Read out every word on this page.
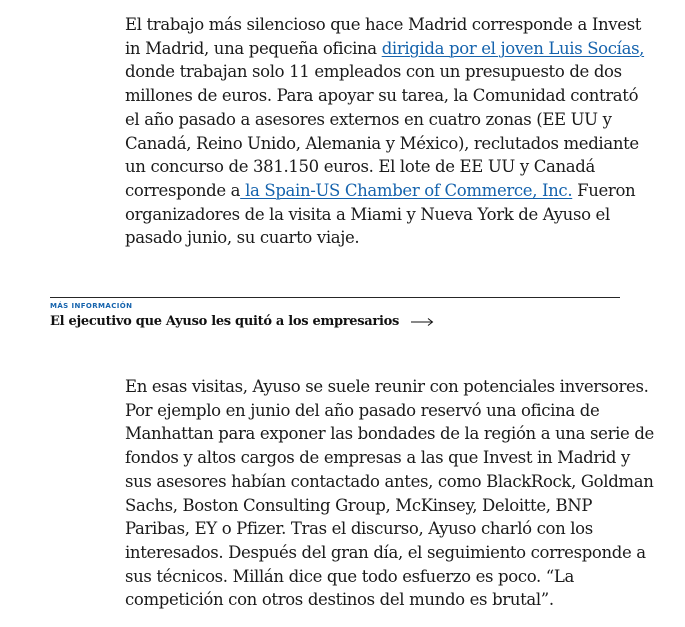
El trabajo más silencioso que hace Madrid corresponde a Invest
in Madrid, una pequeña oficina dirigida por el joven Luis Socías,
donde trabajan solo 11 empleados con un presupuesto de dos
millones de euros. Para apoyar su tarea, la Comunidad contrató
el año pasado a asesores externos en cuatro zonas (EE UU y
Canadá, Reino Unido, Alemania y México), reclutados mediante
un concurso de 381.150 euros. El lote de EE UU y Canadá
corresponde a la Spain-US Chamber of Commerce, Inc. Fueron
organizadores de la visita a Miami y Nueva York de Ayuso el
pasado junio, su cuarto viaje.
MÁS INFORMACIÓN
El ejecutivo que Ayuso les quitó a los empresarios
En esas visitas, Ayuso se suele reunir con potenciales inversores.
Por ejemplo en junio del año pasado reservó una oficina de
Manhattan para exponer las bondades de la región a una serie de
fondos y altos cargos de empresas a las que Invest in Madrid y
sus asesores habían contactado antes, como BlackRock, Goldman
Sachs, Boston Consulting Group, McKinsey, Deloitte, BNP
Paribas, EY o Pfizer. Tras el discurso, Ayuso charló con los
interesados. Después del gran día, el seguimiento corresponde a
sus técnicos. Millán dice que todo esfuerzo es poco. “La
competición con otros destinos del mundo es brutal”.
